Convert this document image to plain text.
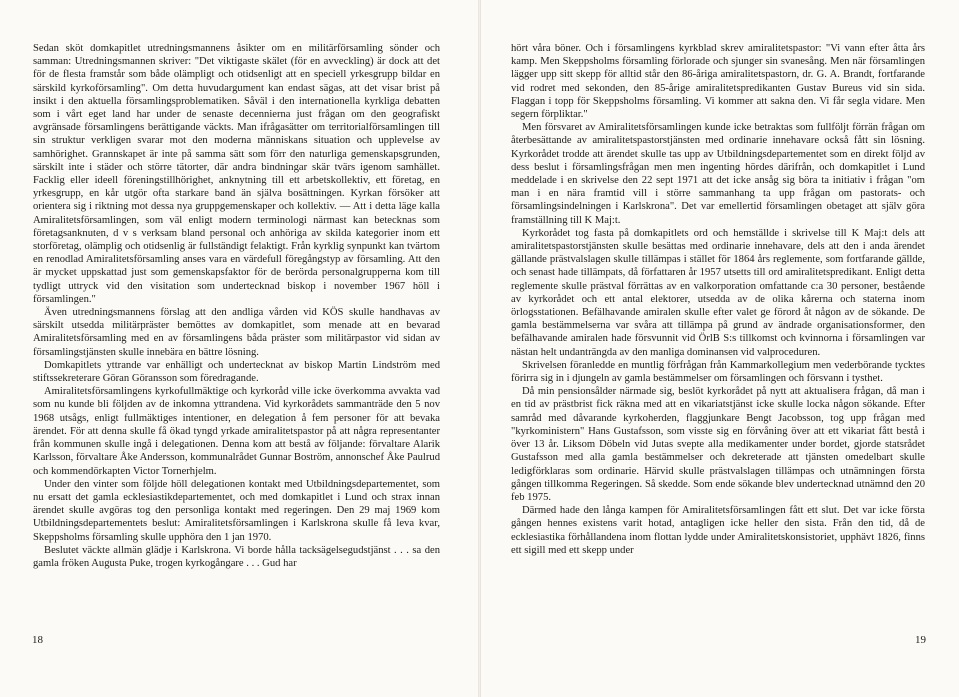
Sedan sköt domkapitlet utredningsmannens åsikter om en militärförsamling sönder och samman: Utredningsmannen skriver: "Det viktigaste skälet (för en avveckling) är dock att det för de flesta framstår som både olämpligt och otidsenligt att en speciell yrkesgrupp bildar en särskild kyrkoförsamling". Om detta huvudargument kan endast sägas, att det visar brist på insikt i den aktuella församlingsproblematiken. Såväl i den internationella kyrkliga debatten som i vårt eget land har under de senaste decennierna just frågan om den geografiskt avgränsade församlingens berättigande väckts. Man ifrågasätter om territorialförsamlingen till sin struktur verkligen svarar mot den moderna människans situation och upplevelse av samhörighet. Grannskapet är inte på samma sätt som förr den naturliga gemenskapsgrunden, särskilt inte i städer och större tätorter, där andra bindningar skär tvärs igenom samhället. Facklig eller ideell föreningstillhörighet, anknytning till ett arbetskollektiv, ett företag, en yrkesgrupp, en kår utgör ofta starkare band än själva bosättningen. Kyrkan försöker att orientera sig i riktning mot dessa nya gruppgemenskaper och kollektiv. — Att i detta läge kalla Amiralitetsförsamlingen, som väl enligt modern terminologi närmast kan betecknas som företagsanknuten, d v s verksam bland personal och anhöriga av skilda kategorier inom ett storföretag, olämplig och otidsenlig är fullständigt felaktigt. Från kyrklig synpunkt kan tvärtom en renodlad Amiralitetsförsamling anses vara en värdefull föregångstyp av församling. Att den är mycket uppskattad just som gemenskapsfaktor för de berörda personalgrupperna kom till tydligt uttryck vid den visitation som undertecknad biskop i november 1967 höll i församlingen."

Även utredningsmannens förslag att den andliga vården vid KÖS skulle handhavas av särskilt utsedda militärpräster bemöttes av domkapitlet, som menade att en bevarad Amiralitetsförsamling med en av församlingens båda präster som militärpastor vid sidan av församlingstjänsten skulle innebära en bättre lösning.

Domkapitlets yttrande var enhälligt och undertecknat av biskop Martin Lindström med stiftssekreterare Göran Göransson som föredragande.

Amiralitetsförsamlingens kyrkofullmäktige och kyrkoråd ville icke överkomma avvakta vad som nu kunde bli följden av de inkomna yttrandena. Vid kyrkorådets sammanträde den 5 nov 1968 utsågs, enligt fullmäktiges intentioner, en delegation å fem personer för att bevaka ärendet. För att denna skulle få ökad tyngd yrkade amiralitetspastor på att några representanter från kommunen skulle ingå i delegationen. Denna kom att bestå av följande: förvaltare Alarik Karlsson, förvaltare Åke Andersson, kommunalrådet Gunnar Boström, annonschef Åke Paulrud och kommendörkapten Victor Tornerhjelm.

Under den vinter som följde höll delegationen kontakt med Utbildningsdepartementet, som nu ersatt det gamla ecklesiastikdepartementet, och med domkapitlet i Lund och strax innan ärendet skulle avgöras tog den personliga kontakt med regeringen. Den 29 maj 1969 kom Utbildningsdepartementets beslut: Amiralitetsförsamlingen i Karlskrona skulle få leva kvar, Skeppsholms församling skulle upphöra den 1 jan 1970.

Beslutet väckte allmän glädje i Karlskrona. Vi borde hålla tacksägelsegudstjänst . . . sa den gamla fröken Augusta Puke, trogen kyrkogångare . . . Gud har

18

hört våra böner. Och i församlingens kyrkblad skrev amiralitetspastor: "Vi vann efter åtta års kamp. Men Skeppsholms församling förlorade och sjunger sin svanesång. Men när församlingen lägger upp sitt skepp för alltid står den 86-åriga amiralitetspastorn, dr. G. A. Brandt, fortfarande vid rodret med sekonden, den 85-årige amiralitetspredikanten Gustav Bureus vid sin sida. Flaggan i topp för Skeppsholms församling. Vi kommer att sakna den. Vi får segla vidare. Men segern förpliktar."

Men försvaret av Amiralitetsförsamlingen kunde icke betraktas som fullföljt förrän frågan om återbesättande av amiralitetspastorstjänsten med ordinarie innehavare också fått sin lösning. Kyrkorådet trodde att ärendet skulle tas upp av Utbildningsdepartementet som en direkt följd av dess beslut i församlingsfrågan men men ingenting hördes därifrån, och domkapitlet i Lund meddelade i en skrivelse den 22 sept 1971 att det icke ansåg sig böra ta initiativ i frågan "om man i en nära framtid vill i större sammanhang ta upp frågan om pastorats- och församlingsindelningen i Karlskrona". Det var emellertid församlingen obetaget att själv göra framställning till K Maj:t.

Kyrkorådet tog fasta på domkapitlets ord och hemställde i skrivelse till K Maj:t dels att amiralitetspastorstjänsten skulle besättas med ordinarie innehavare, dels att den i anda ärendet gällande prästvalslagen skulle tillämpas i stället för 1864 års reglemente, som fortfarande gällde, och senast hade tillämpats, då författaren år 1957 utsetts till ord amiralitetspredikant. Enligt detta reglemente skulle prästval förrättas av en valkorporation omfattande c:a 30 personer, bestående av kyrkorådet och ett antal elektorer, utsedda av de olika kårerna och staterna inom örlogsstationen. Befälhavande amiralen skulle efter valet ge förord åt någon av de sökande. De gamla bestämmelserna var svåra att tillämpa på grund av ändrade organisationsformer, den befälhavande amiralen hade försvunnit vid ÖrlB S:s tillkomst och kvinnorna i församlingen var nästan helt undanträngda av den manliga dominansen vid valproceduren.

Skrivelsen föranledde en muntlig förfrågan från Kammarkollegium men vederbörande tycktes förirra sig in i djungeln av gamla bestämmelser om församlingen och försvann i tysthet.

Då min pensionsålder närmade sig, beslöt kyrkorådet på nytt att aktualisera frågan, då man i en tid av prästbrist fick räkna med att en vikariatstjänst icke skulle locka någon sökande. Efter samråd med dåvarande kyrkoherden, flaggjunkare Bengt Jacobsson, tog upp frågan med "kyrkoministern" Hans Gustafsson, som visste sig en förvåning över att ett vikariat fått bestå i över 13 år. Liksom Döbeln vid Jutas svepte alla medikamenter under bordet, gjorde statsrådet Gustafsson med alla gamla bestämmelser och dekreterade att tjänsten omedelbart skulle ledigförklaras som ordinarie. Härvid skulle prästvalslagen tillämpas och utnämningen första gången tillkomma Regeringen. Så skedde. Som ende sökande blev undertecknad utnämnd den 20 feb 1975.

Därmed hade den långa kampen för Amiralitetsförsamlingen fått ett slut. Det var icke första gången hennes existens varit hotad, antagligen icke heller den sista. Från den tid, då de ecklesiastika förhållandena inom flottan lydde under Amiralitetskonsistoriet, upphävt 1826, finns ett sigill med ett skepp under

19
